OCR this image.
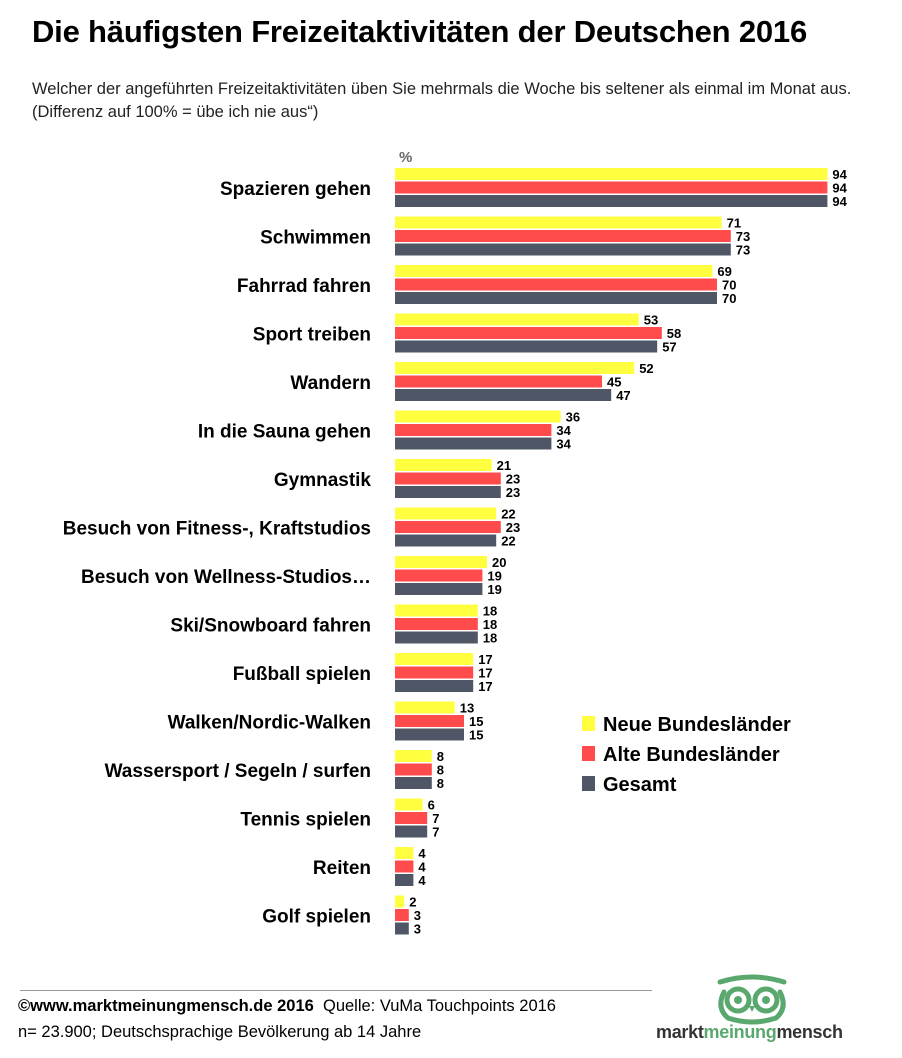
Die häufigsten Freizeitaktivitäten der Deutschen 2016

Welcher der angeführten Freizeitaktivitäten üben Sie mehrmals die Woche bis seltener als einmal im Monat aus. (Differenz auf 100% = übe ich nie aus“)

%
Spazieren gehen
94
94
94
Schwimmen
71
73
73
Fahrrad fahren
69
70
70
Sport treiben
53
58
57
Wandern
52
45
47
In die Sauna gehen
36
34
34
Gymnastik
21
23
23
Besuch von Fitness-, Kraftstudios
22
23
22
Besuch von Wellness-Studios…
20
19
19
Ski/Snowboard fahren
18
18
18
Fußball spielen
17
17
17
Walken/Nordic-Walken
13
15
15
Wassersport / Segeln / surfen
8
8
8
Tennis spielen
6
7
7
Reiten
4
4
4
Golf spielen
2
3
3
Neue Bundesländer
Alte Bundesländer
Gesamt
©www.marktmeinungmensch.de 2016 Quelle: VuMa Touchpoints 2016
n= 23.900; Deutschsprachige Bevölkerung ab 14 Jahre	marktmeinungmensch
